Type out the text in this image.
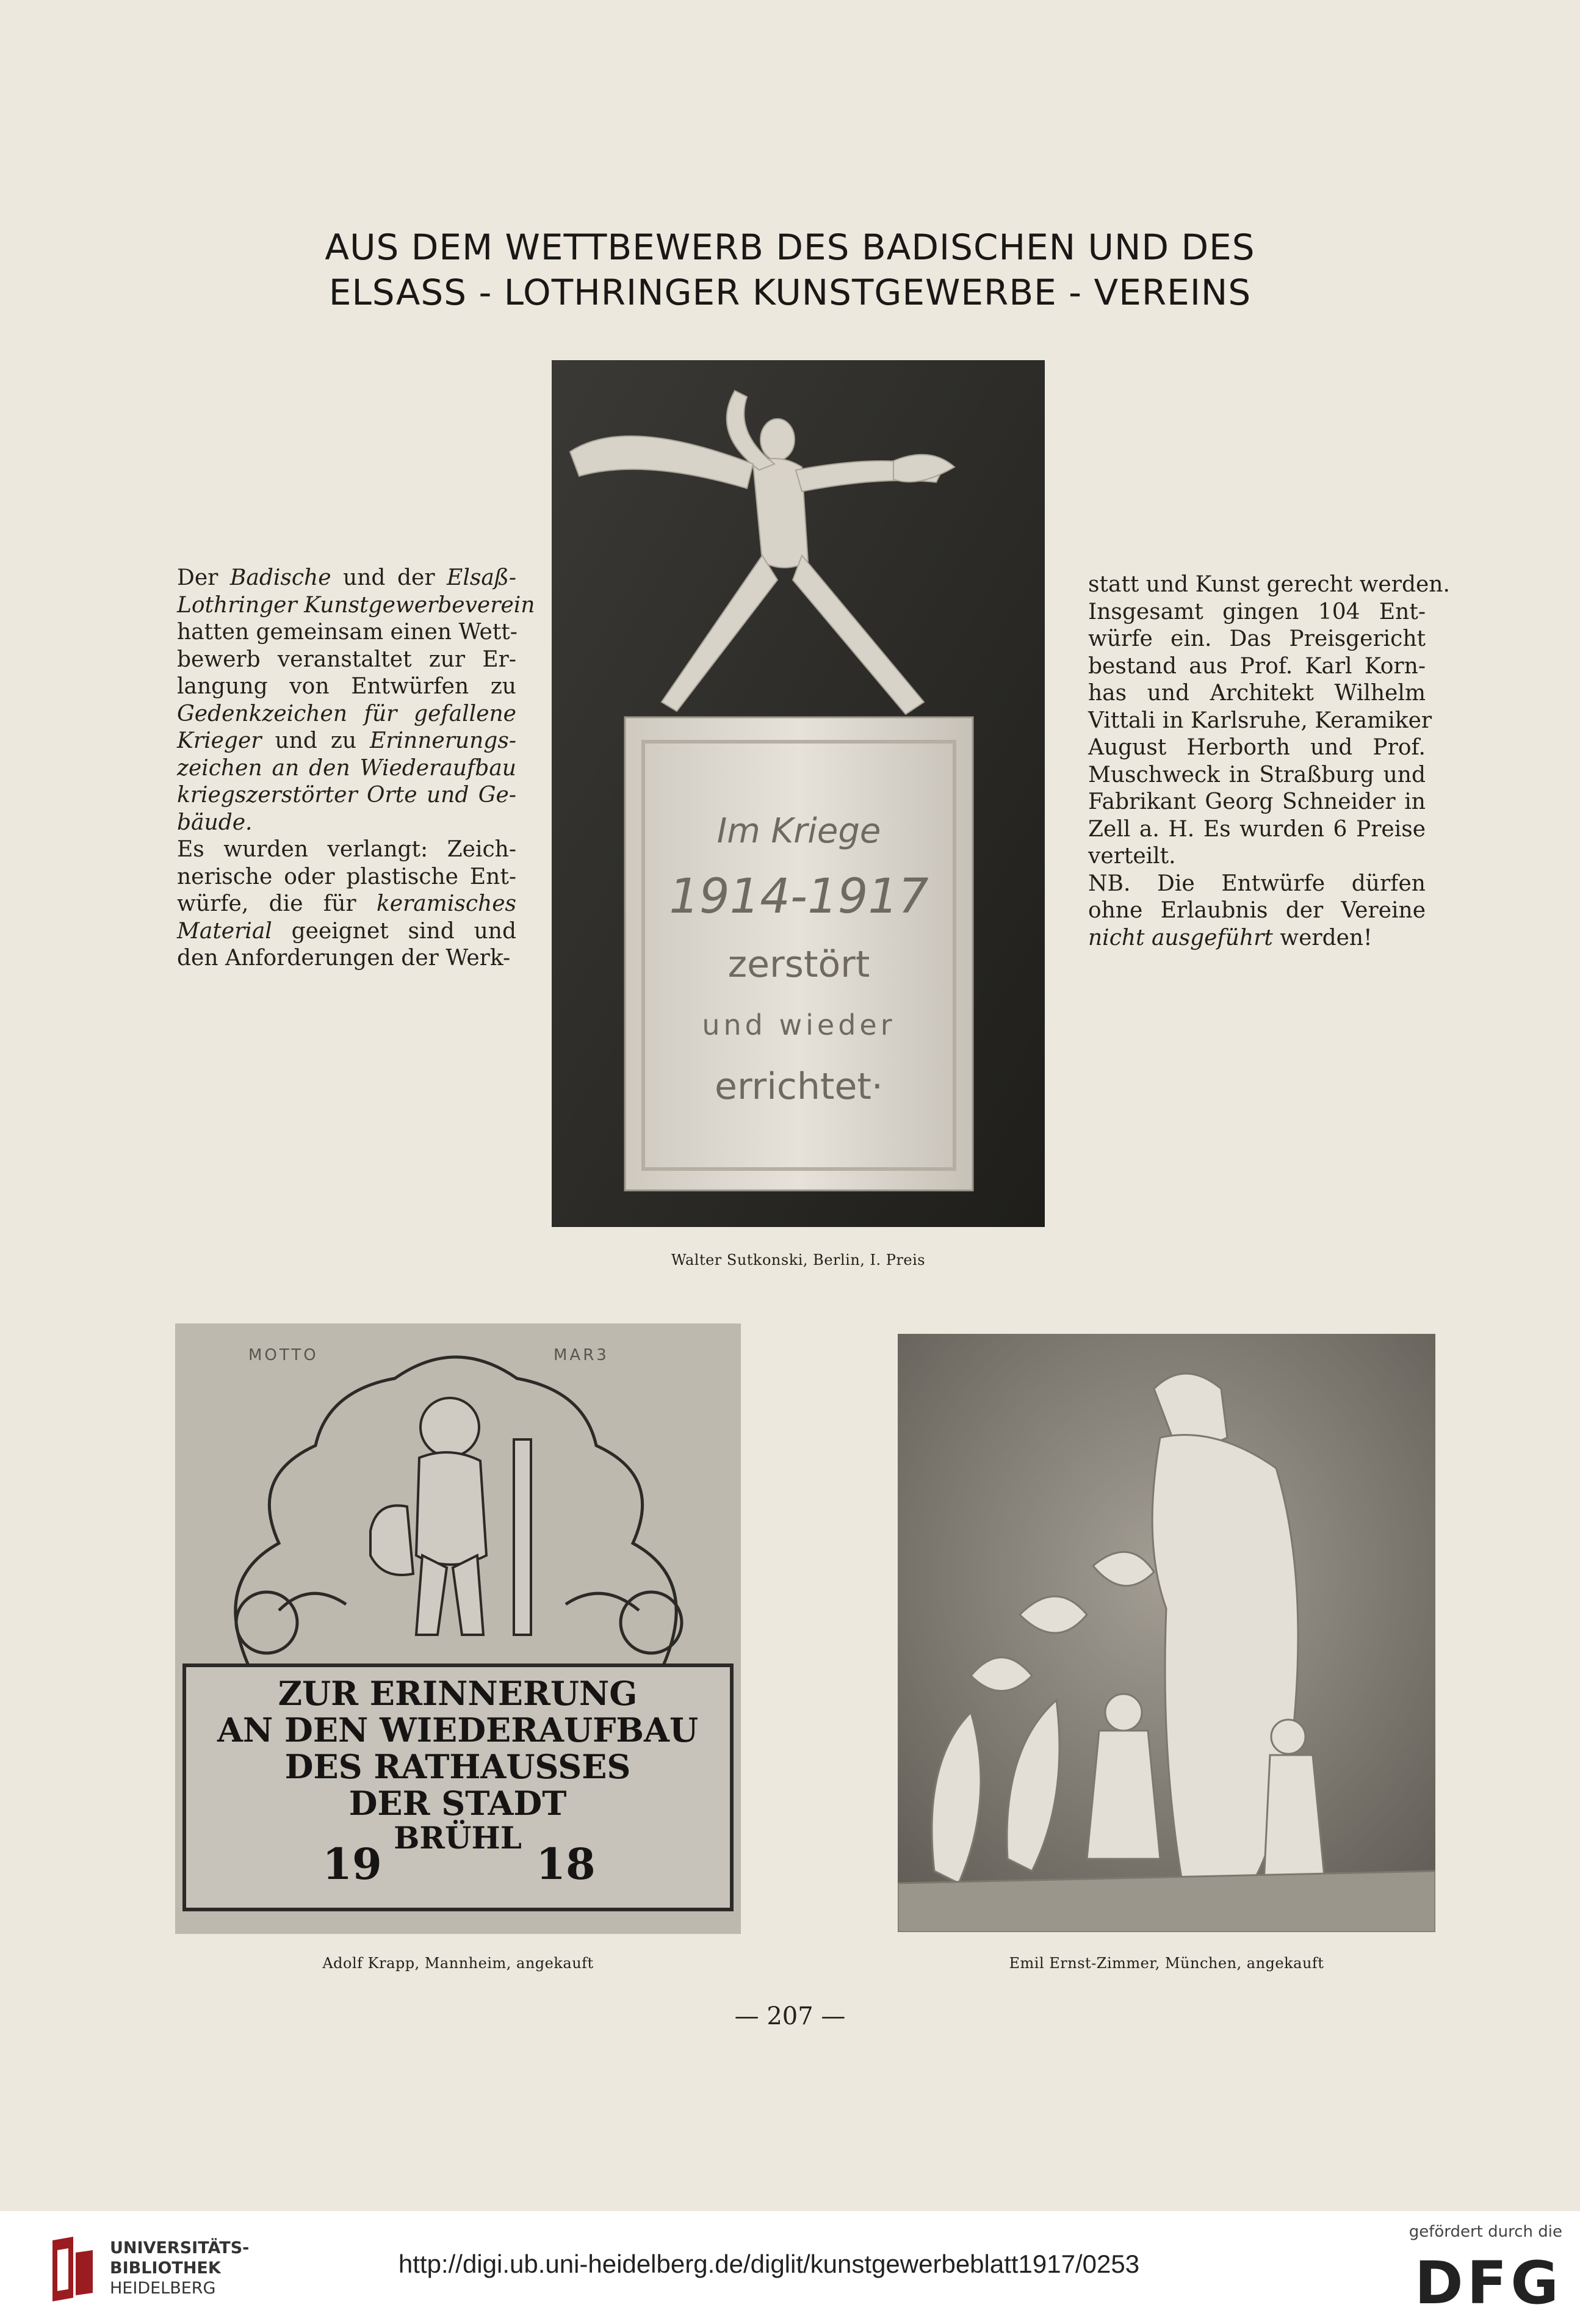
AUS DEM WETTBEWERB DES BADISCHEN UND DES
ELSASS - LOTHRINGER KUNSTGEWERBE - VEREINS
Der Badische und der Elsaß-
Lothringer Kunstgewerbeverein
hatten gemeinsam einen Wett-
bewerb veranstaltet zur Er-
langung von Entwürfen zu
Gedenkzeichen für gefallene
Krieger und zu Erinnerungs-
zeichen an den Wiederaufbau
kriegszerstörter Orte und Ge-
bäude.
Es wurden verlangt: Zeich-
nerische oder plastische Ent-
würfe, die für keramisches
Material geeignet sind und
den Anforderungen der Werk-
statt und Kunst gerecht werden.
Insgesamt gingen 104 Ent-
würfe ein. Das Preisgericht
bestand aus Prof. Karl Korn-
has und Architekt Wilhelm
Vittali in Karlsruhe, Keramiker
August Herborth und Prof.
Muschweck in Straßburg und
Fabrikant Georg Schneider in
Zell a. H. Es wurden 6 Preise
verteilt.
NB. Die Entwürfe dürfen
ohne Erlaubnis der Vereine
nicht ausgeführt werden!
Im Kriege
1914-1917
zerstört
und wieder
errichtet·
Walter Sutkonski, Berlin, I. Preis
MOTTO	MAR3
ZUR ERINNERUNG
AN DEN WIEDERAUFBAU
DES RATHAUSSES
DER STADT
BRÜHL
19	18
Adolf Krapp, Mannheim, angekauft	Emil Ernst-Zimmer, München, angekauft
— 207 —
UNIVERSITÄTS-
BIBLIOTHEK
HEIDELBERG
http://digi.ub.uni-heidelberg.de/diglit/kunstgewerbeblatt1917/0253
gefördert durch die
DFG
